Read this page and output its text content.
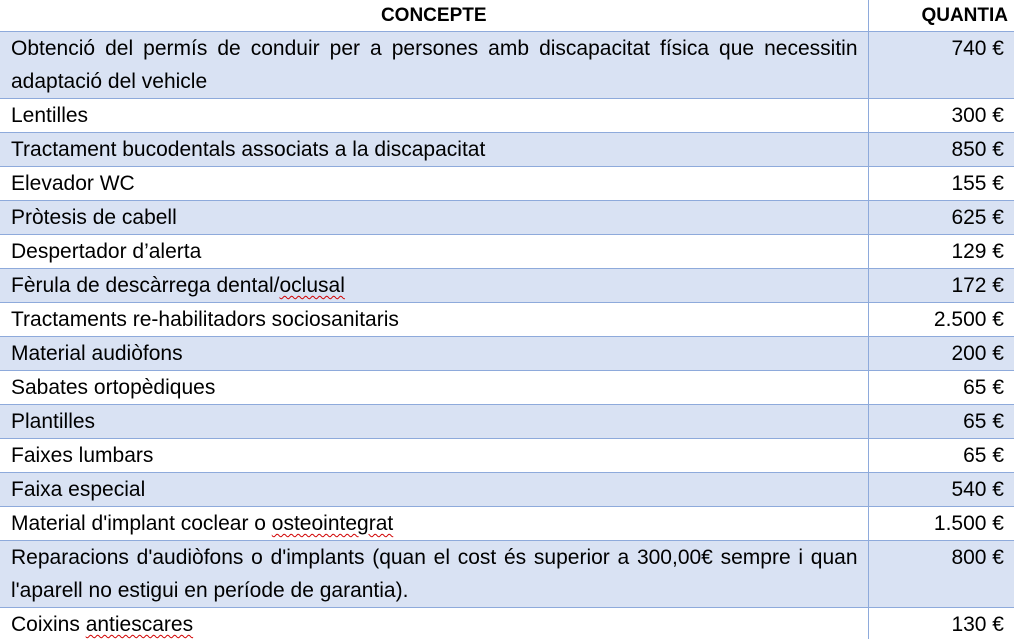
CONCEPTE	QUANTIA
Obtenció del permís de conduir per a persones amb discapacitat física que necessitin adaptació del vehicle	740 €
Lentilles	300 €
Tractament bucodentals associats a la discapacitat	850 €
Elevador WC	155 €
Pròtesis de cabell	625 €
Despertador d’alerta	129 €
Fèrula de descàrrega dental/oclusal	172 €
Tractaments re-habilitadors sociosanitaris	2.500 €
Material audiòfons	200 €
Sabates ortopèdiques	65 €
Plantilles	65 €
Faixes lumbars	65 €
Faixa especial	540 €
Material d'implant coclear o osteointegrat	1.500 €
Reparacions d'audiòfons o d'implants (quan el cost és superior a 300,00€ sempre i quan l'aparell no estigui en període de garantia).	800 €
Coixins antiescares	130 €
